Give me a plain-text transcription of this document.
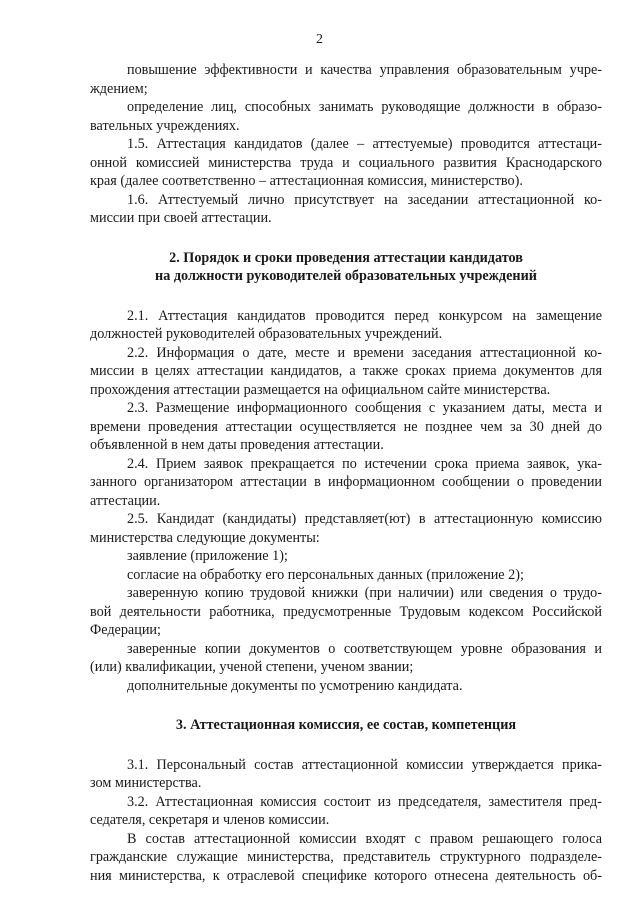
2
повышение эффективности и качества управления образовательным учре-
ждением;
определение лиц, способных занимать руководящие должности в образо-
вательных учреждениях.
1.5. Аттестация кандидатов (далее – аттестуемые) проводится аттестаци-
онной комиссией министерства труда и социального развития Краснодарского
края (далее соответственно – аттестационная комиссия, министерство).
1.6. Аттестуемый лично присутствует на заседании аттестационной ко-
миссии при своей аттестации.
2. Порядок и сроки проведения аттестации кандидатов
на должности руководителей образовательных учреждений
2.1. Аттестация кандидатов проводится перед конкурсом на замещение
должностей руководителей образовательных учреждений.
2.2. Информация о дате, месте и времени заседания аттестационной ко-
миссии в целях аттестации кандидатов, а также сроках приема документов для
прохождения аттестации размещается на официальном сайте министерства.
2.3. Размещение информационного сообщения с указанием даты, места и
времени проведения аттестации осуществляется не позднее чем за 30 дней до
объявленной в нем даты проведения аттестации.
2.4. Прием заявок прекращается по истечении срока приема заявок, ука-
занного организатором аттестации в информационном сообщении о проведении
аттестации.
2.5. Кандидат (кандидаты) представляет(ют) в аттестационную комиссию
министерства следующие документы:
заявление (приложение 1);
согласие на обработку его персональных данных (приложение 2);
заверенную копию трудовой книжки (при наличии) или сведения о трудо-
вой деятельности работника, предусмотренные Трудовым кодексом Российской
Федерации;
заверенные копии документов о соответствующем уровне образования и
(или) квалификации, ученой степени, ученом звании;
дополнительные документы по усмотрению кандидата.
3. Аттестационная комиссия, ее состав, компетенция
3.1. Персональный состав аттестационной комиссии утверждается прика-
зом министерства.
3.2. Аттестационная комиссия состоит из председателя, заместителя пред-
седателя, секретаря и членов комиссии.
В состав аттестационной комиссии входят с правом решающего голоса
гражданские служащие министерства, представитель структурного подразделе-
ния министерства, к отраслевой специфике которого отнесена деятельность об-
